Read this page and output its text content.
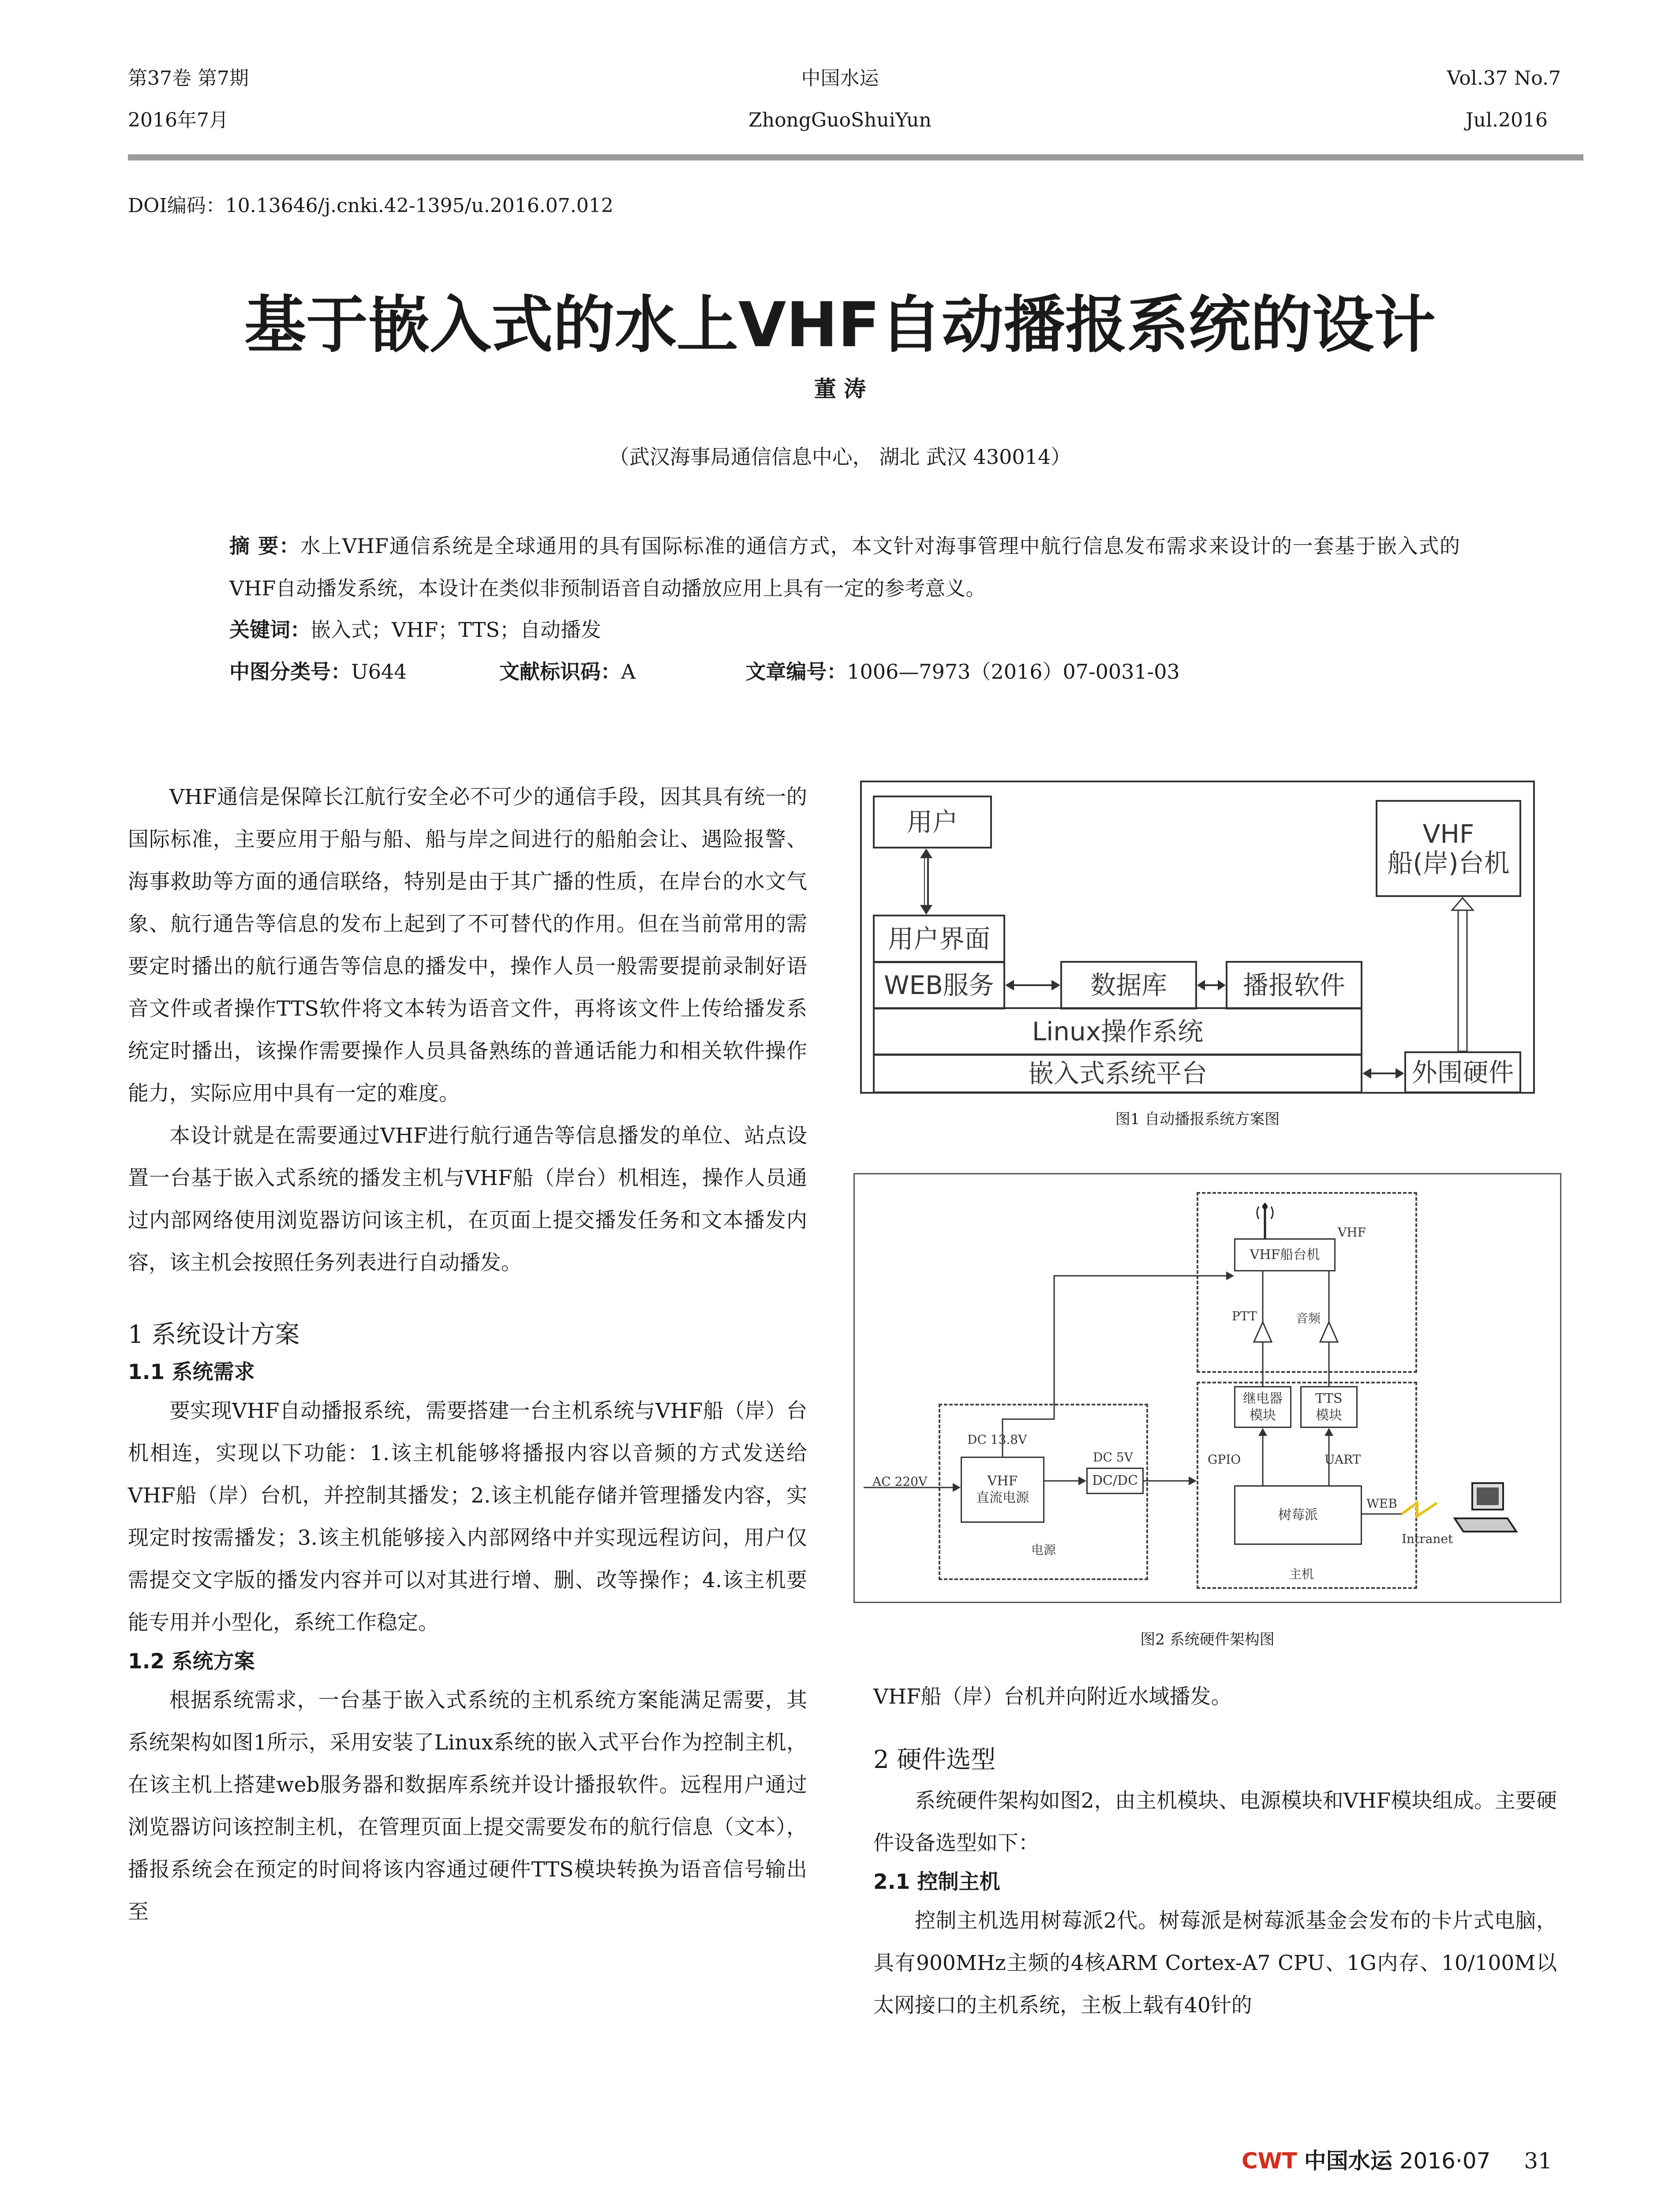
第37卷 第7期
2016年7月
中国水运
ZhongGuoShuiYun
Vol.37 No.7
Jul.2016
DOI编码：10.13646/j.cnki.42-1395/u.2016.07.012
基于嵌入式的水上VHF自动播报系统的设计
董 涛
（武汉海事局通信信息中心， 湖北 武汉 430014）
摘 要：水上VHF通信系统是全球通用的具有国际标准的通信方式，本文针对海事管理中航行信息发布需求来设计的一套基于嵌入式的VHF自动播发系统，本设计在类似非预制语音自动播放应用上具有一定的参考意义。
关键词：嵌入式；VHF；TTS；自动播发
中图分类号：U644	文献标识码：A	文章编号：1006—7973（2016）07-0031-03

VHF通信是保障长江航行安全必不可少的通信手段，因其具有统一的国际标准，主要应用于船与船、船与岸之间进行的船舶会让、遇险报警、海事救助等方面的通信联络，特别是由于其广播的性质，在岸台的水文气象、航行通告等信息的发布上起到了不可替代的作用。但在当前常用的需要定时播出的航行通告等信息的播发中，操作人员一般需要提前录制好语音文件或者操作TTS软件将文本转为语音文件，再将该文件上传给播发系统定时播出，该操作需要操作人员具备熟练的普通话能力和相关软件操作能力，实际应用中具有一定的难度。

本设计就是在需要通过VHF进行航行通告等信息播发的单位、站点设置一台基于嵌入式系统的播发主机与VHF船（岸台）机相连，操作人员通过内部网络使用浏览器访问该主机，在页面上提交播发任务和文本播发内容，该主机会按照任务列表进行自动播发。

1 系统设计方案
1.1 系统需求

要实现VHF自动播报系统，需要搭建一台主机系统与VHF船（岸）台机相连，实现以下功能：1.该主机能够将播报内容以音频的方式发送给VHF船（岸）台机，并控制其播发；2.该主机能存储并管理播发内容，实现定时按需播发；3.该主机能够接入内部网络中并实现远程访问，用户仅需提交文字版的播发内容并可以对其进行增、删、改等操作；4.该主机要能专用并小型化，系统工作稳定。

1.2 系统方案

根据系统需求，一台基于嵌入式系统的主机系统方案能满足需要，其系统架构如图1所示，采用安装了Linux系统的嵌入式平台作为控制主机，在该主机上搭建web服务器和数据库系统并设计播报软件。远程用户通过浏览器访问该控制主机，在管理页面上提交需要发布的航行信息（文本），播报系统会在预定的时间将该内容通过硬件TTS模块转换为语音信号输出至

用户
用户界面
WEB服务	数据库	播报软件
Linux操作系统
嵌入式系统平台
VHF
船(岸)台机
外围硬件
图1 自动播报系统方案图
VHF
VHF船台机
PTT	音频
继电器
模块
TTS
模块
GPIO	UART
树莓派
主机
WEB
Intranet
DC 13.8V
DC 5V
AC 220V	VHF
直流电源
DC/DC
电源
图2 系统硬件架构图
VHF船（岸）台机并向附近水域播发。
2 硬件选型

系统硬件架构如图2，由主机模块、电源模块和VHF模块组成。主要硬件设备选型如下：

2.1 控制主机

控制主机选用树莓派2代。树莓派是树莓派基金会发布的卡片式电脑，具有900MHz主频的4核ARM Cortex-A7 CPU、1G内存、10/100M以太网接口的主机系统，主板上载有40针的

CWT 中国水运 2016·07 31
